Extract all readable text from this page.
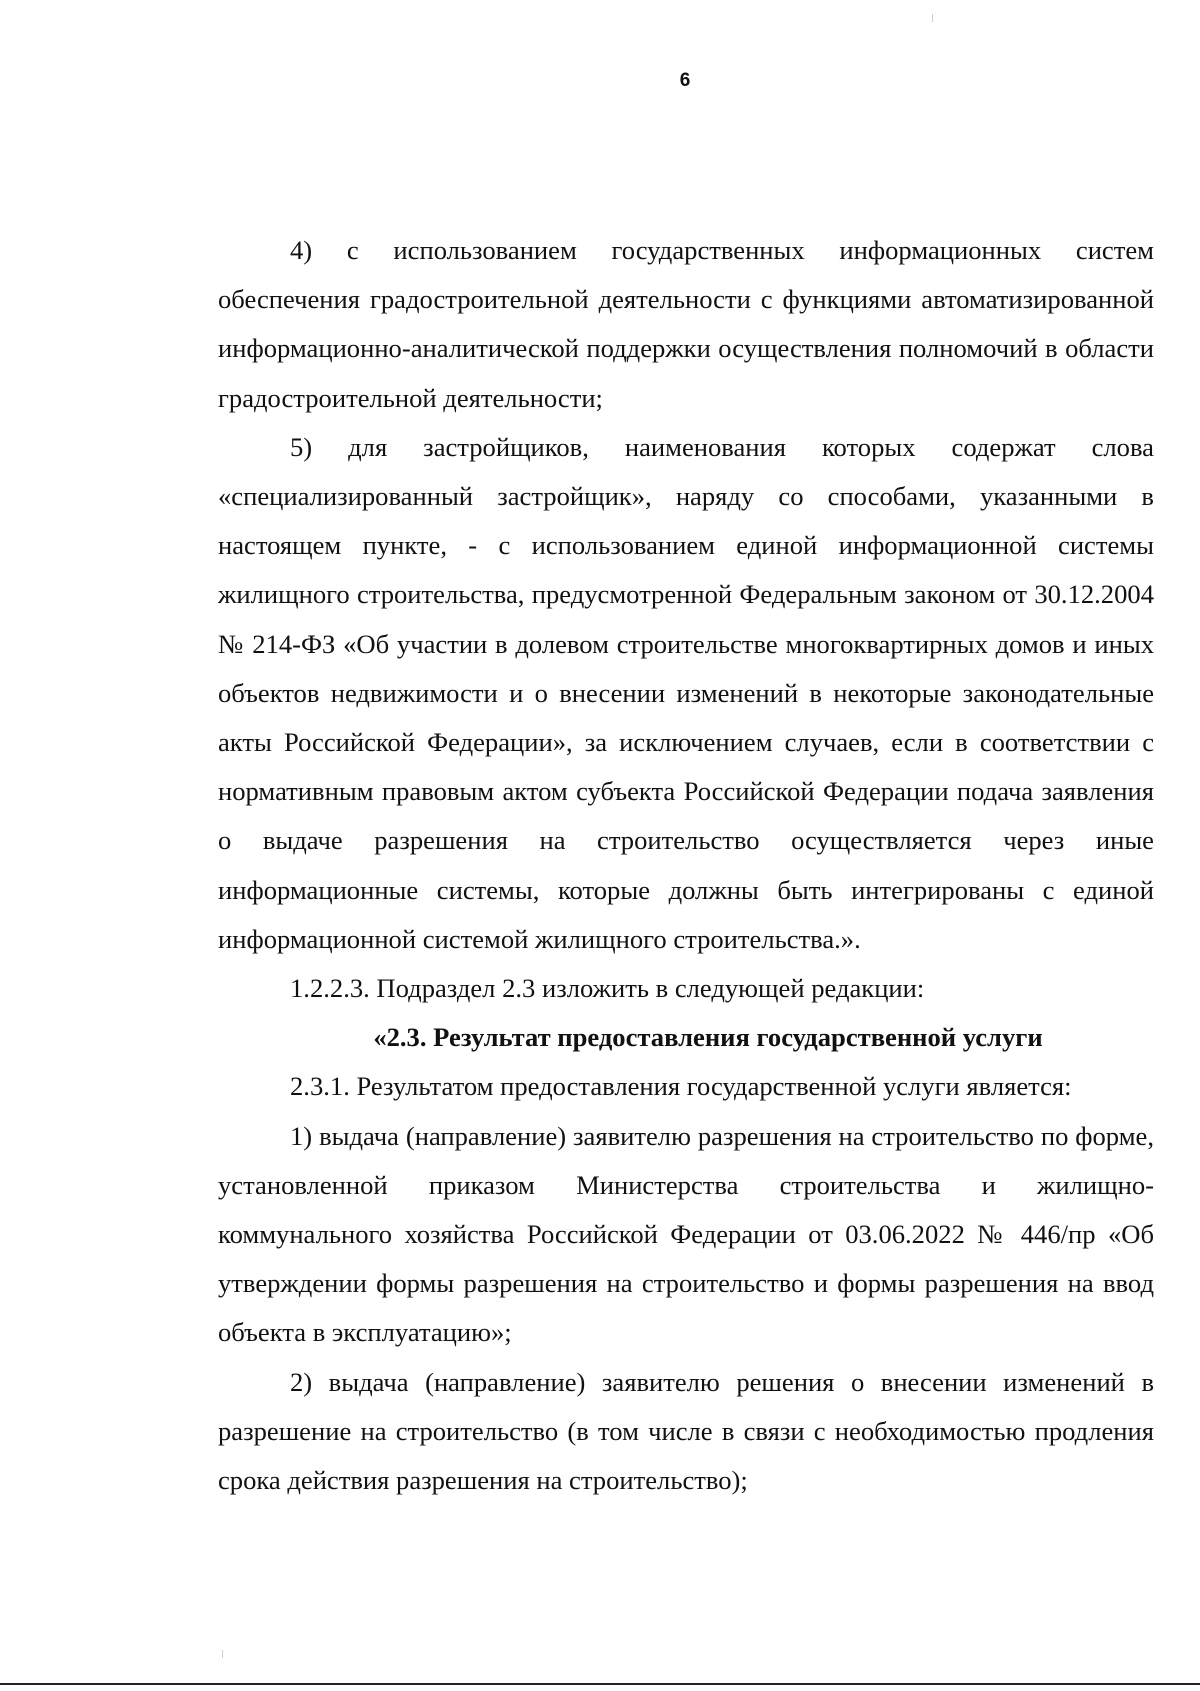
6

4) с использованием государственных информационных систем обеспечения градостроительной деятельности с функциями автоматизированной информационно-аналитической поддержки осуществления полномочий в области градостроительной деятельности;

5) для застройщиков, наименования которых содержат слова «специализированный застройщик», наряду со способами, указанными в настоящем пункте, - с использованием единой информационной системы жилищного строительства, предусмотренной Федеральным законом от 30.12.2004 № 214-ФЗ «Об участии в долевом строительстве многоквартирных домов и иных объектов недвижимости и о внесении изменений в некоторые законодательные акты Российской Федерации», за исключением случаев, если в соответствии с нормативным правовым актом субъекта Российской Федерации подача заявления о выдаче разрешения на строительство осуществляется через иные информационные системы, которые должны быть интегрированы с единой информационной системой жилищного строительства.».

1.2.2.3. Подраздел 2.3 изложить в следующей редакции:

«2.3. Результат предоставления государственной услуги

2.3.1. Результатом предоставления государственной услуги является:

1) выдача (направление) заявителю разрешения на строительство по форме, установленной приказом Министерства строительства и жилищно-коммунального хозяйства Российской Федерации от 03.06.2022 № 446/пр «Об утверждении формы разрешения на строительство и формы разрешения на ввод объекта в эксплуатацию»;

2) выдача (направление) заявителю решения о внесении изменений в разрешение на строительство (в том числе в связи с необходимостью продления срока действия разрешения на строительство);
